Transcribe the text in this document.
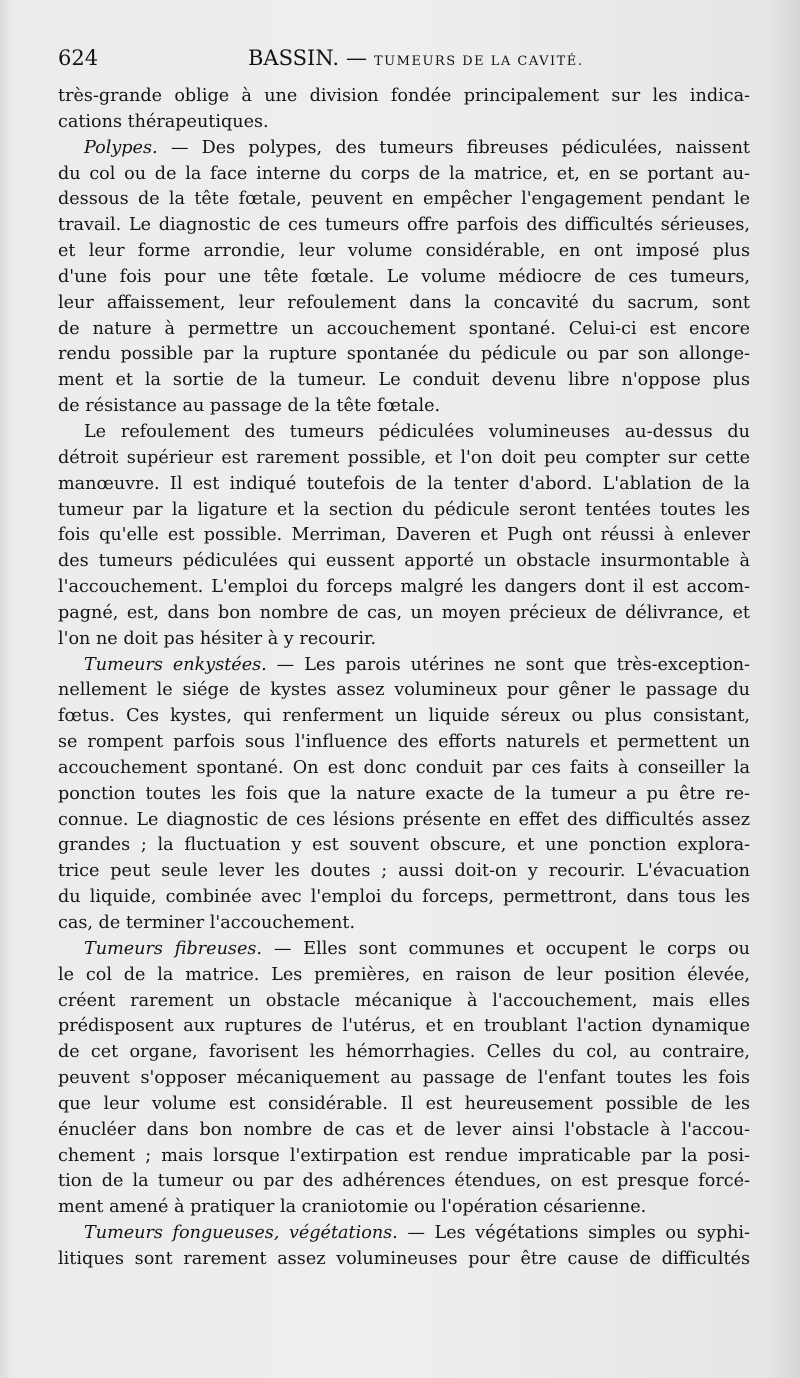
624	BASSIN. — TUMEURS DE LA CAVITÉ.
très-grande oblige à une division fondée principalement sur les indica-
cations thérapeutiques.
Polypes. — Des polypes, des tumeurs fibreuses pédiculées, naissent
du col ou de la face interne du corps de la matrice, et, en se portant au-
dessous de la tête fœtale, peuvent en empêcher l'engagement pendant le
travail. Le diagnostic de ces tumeurs offre parfois des difficultés sérieuses,
et leur forme arrondie, leur volume considérable, en ont imposé plus
d'une fois pour une tête fœtale. Le volume médiocre de ces tumeurs,
leur affaissement, leur refoulement dans la concavité du sacrum, sont
de nature à permettre un accouchement spontané. Celui-ci est encore
rendu possible par la rupture spontanée du pédicule ou par son allonge-
ment et la sortie de la tumeur. Le conduit devenu libre n'oppose plus
de résistance au passage de la tête fœtale.
Le refoulement des tumeurs pédiculées volumineuses au-dessus du
détroit supérieur est rarement possible, et l'on doit peu compter sur cette
manœuvre. Il est indiqué toutefois de la tenter d'abord. L'ablation de la
tumeur par la ligature et la section du pédicule seront tentées toutes les
fois qu'elle est possible. Merriman, Daveren et Pugh ont réussi à enlever
des tumeurs pédiculées qui eussent apporté un obstacle insurmontable à
l'accouchement. L'emploi du forceps malgré les dangers dont il est accom-
pagné, est, dans bon nombre de cas, un moyen précieux de délivrance, et
l'on ne doit pas hésiter à y recourir.
Tumeurs enkystées. — Les parois utérines ne sont que très-exception-
nellement le siége de kystes assez volumineux pour gêner le passage du
fœtus. Ces kystes, qui renferment un liquide séreux ou plus consistant,
se rompent parfois sous l'influence des efforts naturels et permettent un
accouchement spontané. On est donc conduit par ces faits à conseiller la
ponction toutes les fois que la nature exacte de la tumeur a pu être re-
connue. Le diagnostic de ces lésions présente en effet des difficultés assez
grandes ; la fluctuation y est souvent obscure, et une ponction explora-
trice peut seule lever les doutes ; aussi doit-on y recourir. L'évacuation
du liquide, combinée avec l'emploi du forceps, permettront, dans tous les
cas, de terminer l'accouchement.
Tumeurs fibreuses. — Elles sont communes et occupent le corps ou
le col de la matrice. Les premières, en raison de leur position élevée,
créent rarement un obstacle mécanique à l'accouchement, mais elles
prédisposent aux ruptures de l'utérus, et en troublant l'action dynamique
de cet organe, favorisent les hémorrhagies. Celles du col, au contraire,
peuvent s'opposer mécaniquement au passage de l'enfant toutes les fois
que leur volume est considérable. Il est heureusement possible de les
énucléer dans bon nombre de cas et de lever ainsi l'obstacle à l'accou-
chement ; mais lorsque l'extirpation est rendue impraticable par la posi-
tion de la tumeur ou par des adhérences étendues, on est presque forcé-
ment amené à pratiquer la craniotomie ou l'opération césarienne.
Tumeurs fongueuses, végétations. — Les végétations simples ou syphi-
litiques sont rarement assez volumineuses pour être cause de difficultés
